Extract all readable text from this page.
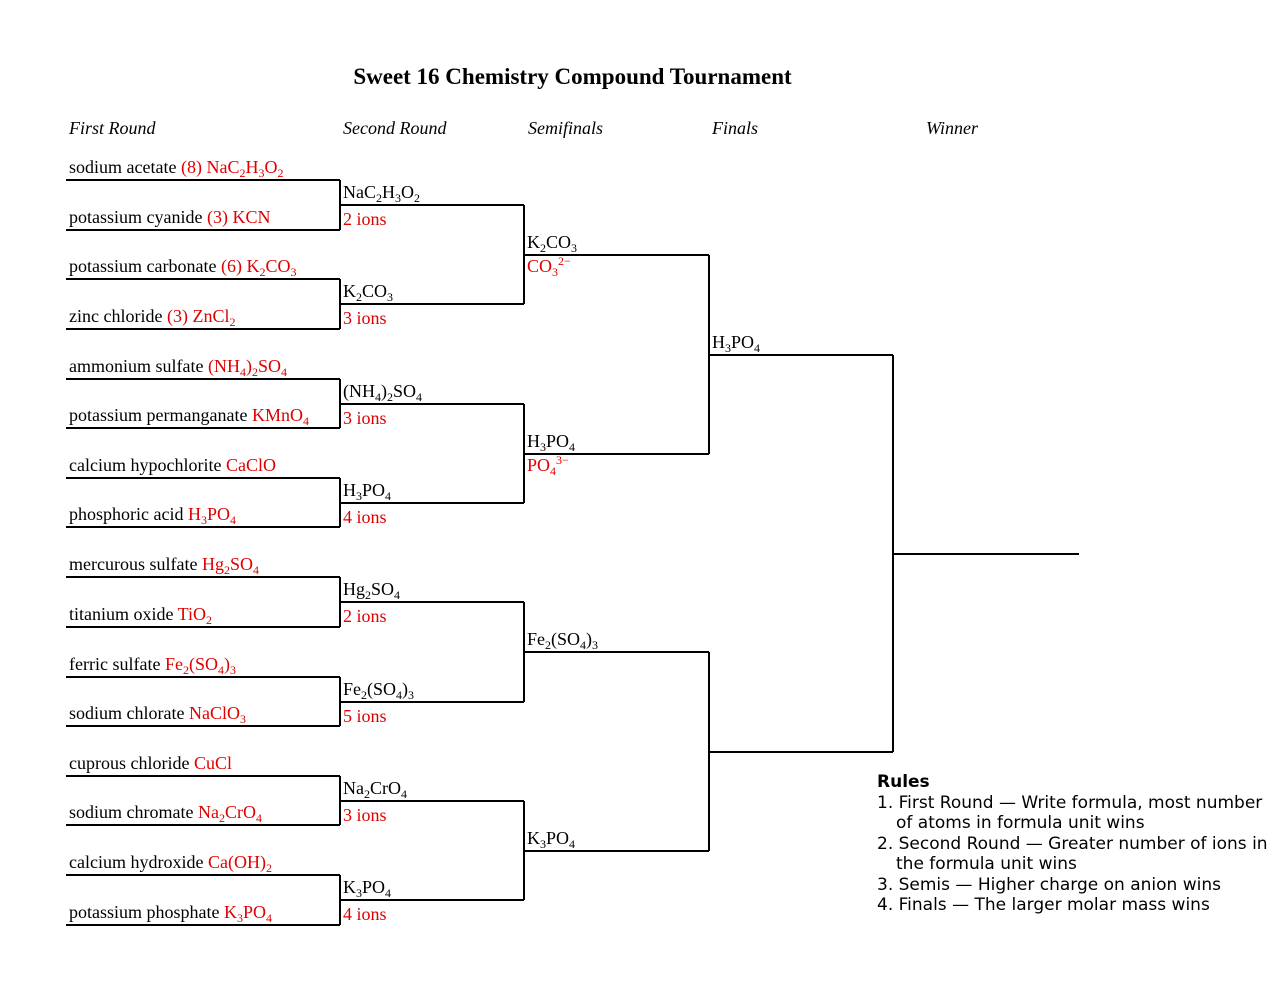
Sweet 16 Chemistry Compound Tournament
First Round	Second Round	Semifinals	Finals	Winner
sodium acetate (8) $NaC_2H_3O_2$
potassium cyanide (3) KCN
potassium carbonate (6) $K_2CO_3$
zinc chloride (3) ZnCl$_2$
ammonium sulfate $(NH_4)_2SO_4$
potassium permanganate KMnO$_4$
calcium hypochlorite CaClO
phosphoric acid $H_3PO_4$
mercurous sulfate $Hg_2SO_4$
titanium oxide TiO$_2$
ferric sulfate $Fe_2(SO_4)_3$
sodium chlorate NaClO$_3$
cuprous chloride CuCl
sodium chromate $Na_2CrO_4$
calcium hydroxide $Ca(OH)_2$
potassium phosphate $K_3PO_4$
$NaC_2H_3O_2$
2 ions
$K_2CO_3$
3 ions
$(NH_4)_2SO_4$
3 ions
$H_3PO_4$
4 ions
$Hg_2SO_4$
2 ions
$Fe_2(SO_4)_3$
5 ions
$Na_2CrO_4$
3 ions
$K_3PO_4$
4 ions
$K_2CO_3$
$CO_3^{2-}$
$H_3PO_4$
$PO_4^{3-}$
$Fe_2(SO_4)_3$
$K_3PO_4$
$H_3PO_4$
Rules
1. First Round — Write formula, most number of atoms in formula unit wins
2. Second Round — Greater number of ions in the formula unit wins
3. Semis — Higher charge on anion wins
4. Finals — The larger molar mass wins
